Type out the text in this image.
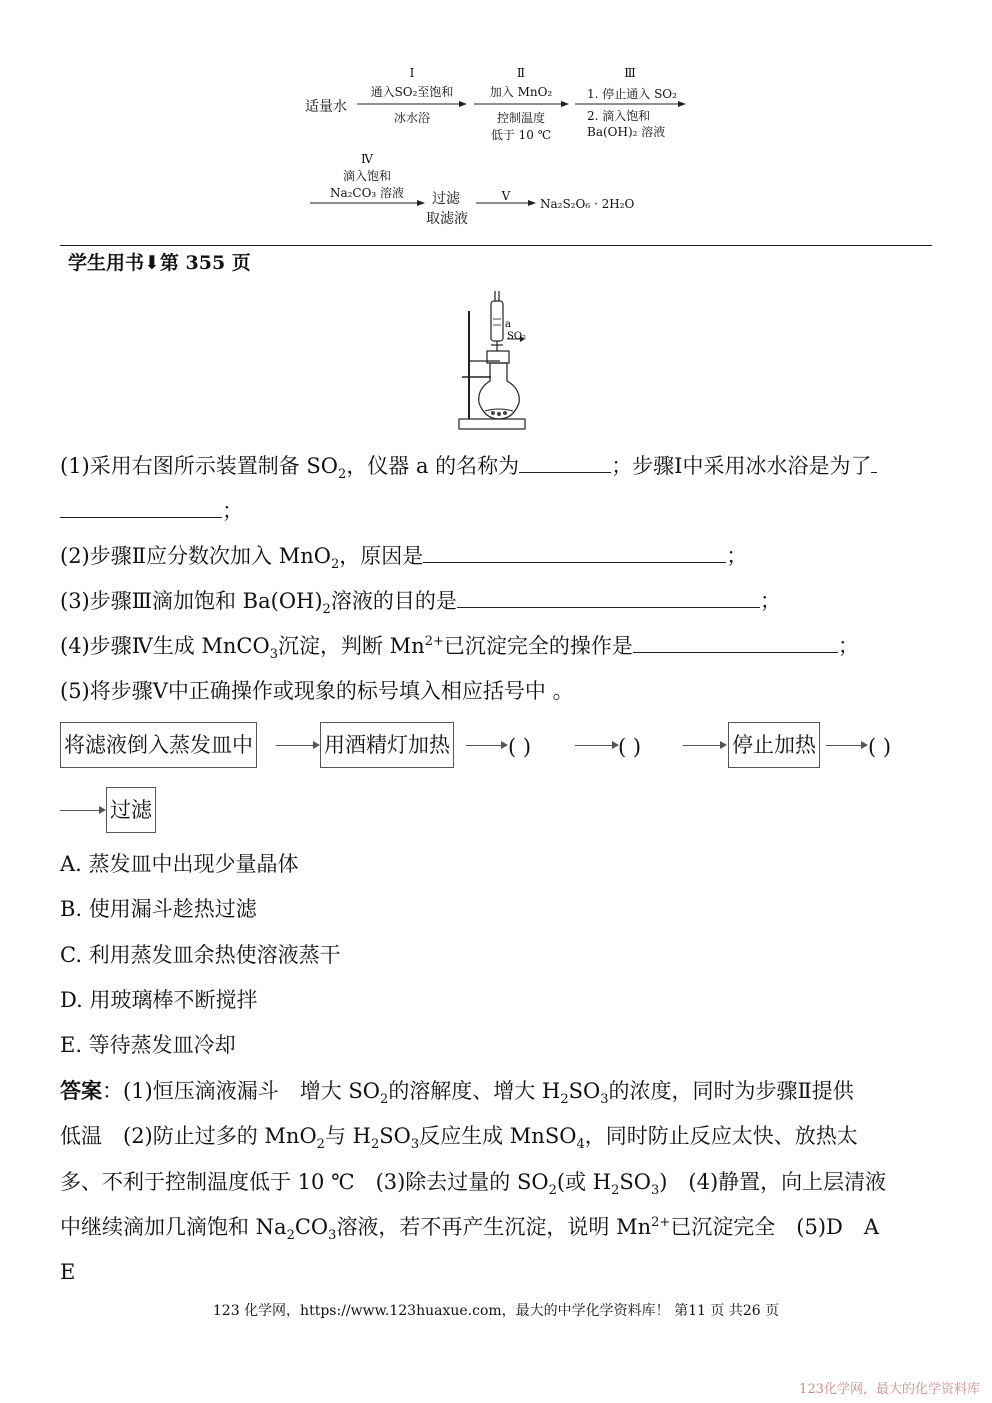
适量水
Ⅰ
通入SO₂至饱和
冰水浴
Ⅱ
加入 MnO₂
控制温度
低于 10 ℃
Ⅲ
1. 停止通入 SO₂
2. 滴入饱和
Ba(OH)₂ 溶液
Ⅳ
滴入饱和
Na₂CO₃ 溶液	过滤
取滤液
Ⅴ
Na₂S₂O₆ · 2H₂O
学生用书⬇第 355 页
a
SO₂
(1)采用右图所示装置制备 $SO_2$，仪器 a 的名称为	；步骤Ⅰ中采用冰水浴是为了
；
(2)步骤Ⅱ应分数次加入 MnO$_2$，原因是	；
(3)步骤Ⅲ滴加饱和 $Ba(OH)_2$溶液的目的是	；
(4)步骤Ⅳ生成 MnCO$_3$沉淀，判断 $Mn^{2+}$已沉淀完全的操作是	；
(5)将步骤Ⅴ中正确操作或现象的标号填入相应括号中 。
将滤液倒入蒸发皿中	用酒精灯加热	( )	( )	停止加热 ( )
过滤
A. 蒸发皿中出现少量晶体
B. 使用漏斗趁热过滤
C. 利用蒸发皿余热使溶液蒸干
D. 用玻璃棒不断搅拌
E. 等待蒸发皿冷却
答案：(1)恒压滴液漏斗　增大 $SO_2$的溶解度、增大 $H_2SO_3$的浓度，同时为步骤Ⅱ提供
低温　(2)防止过多的 MnO$_2$与 $H_2SO_3$反应生成 MnSO$_4$，同时防止反应太快、放热太
多、不利于控制温度低于 10 ℃　(3)除去过量的 $SO_2$(或 $H_2SO_3$)　(4)静置，向上层清液
中继续滴加几滴饱和 $Na_2CO_3$溶液，若不再产生沉淀，说明 $Mn^{2+}$已沉淀完全　(5)D　A
E
123 化学网，https://www.123huaxue.com，最大的中学化学资料库！ 第11 页 共26 页
123化学网，最大的化学资料库
